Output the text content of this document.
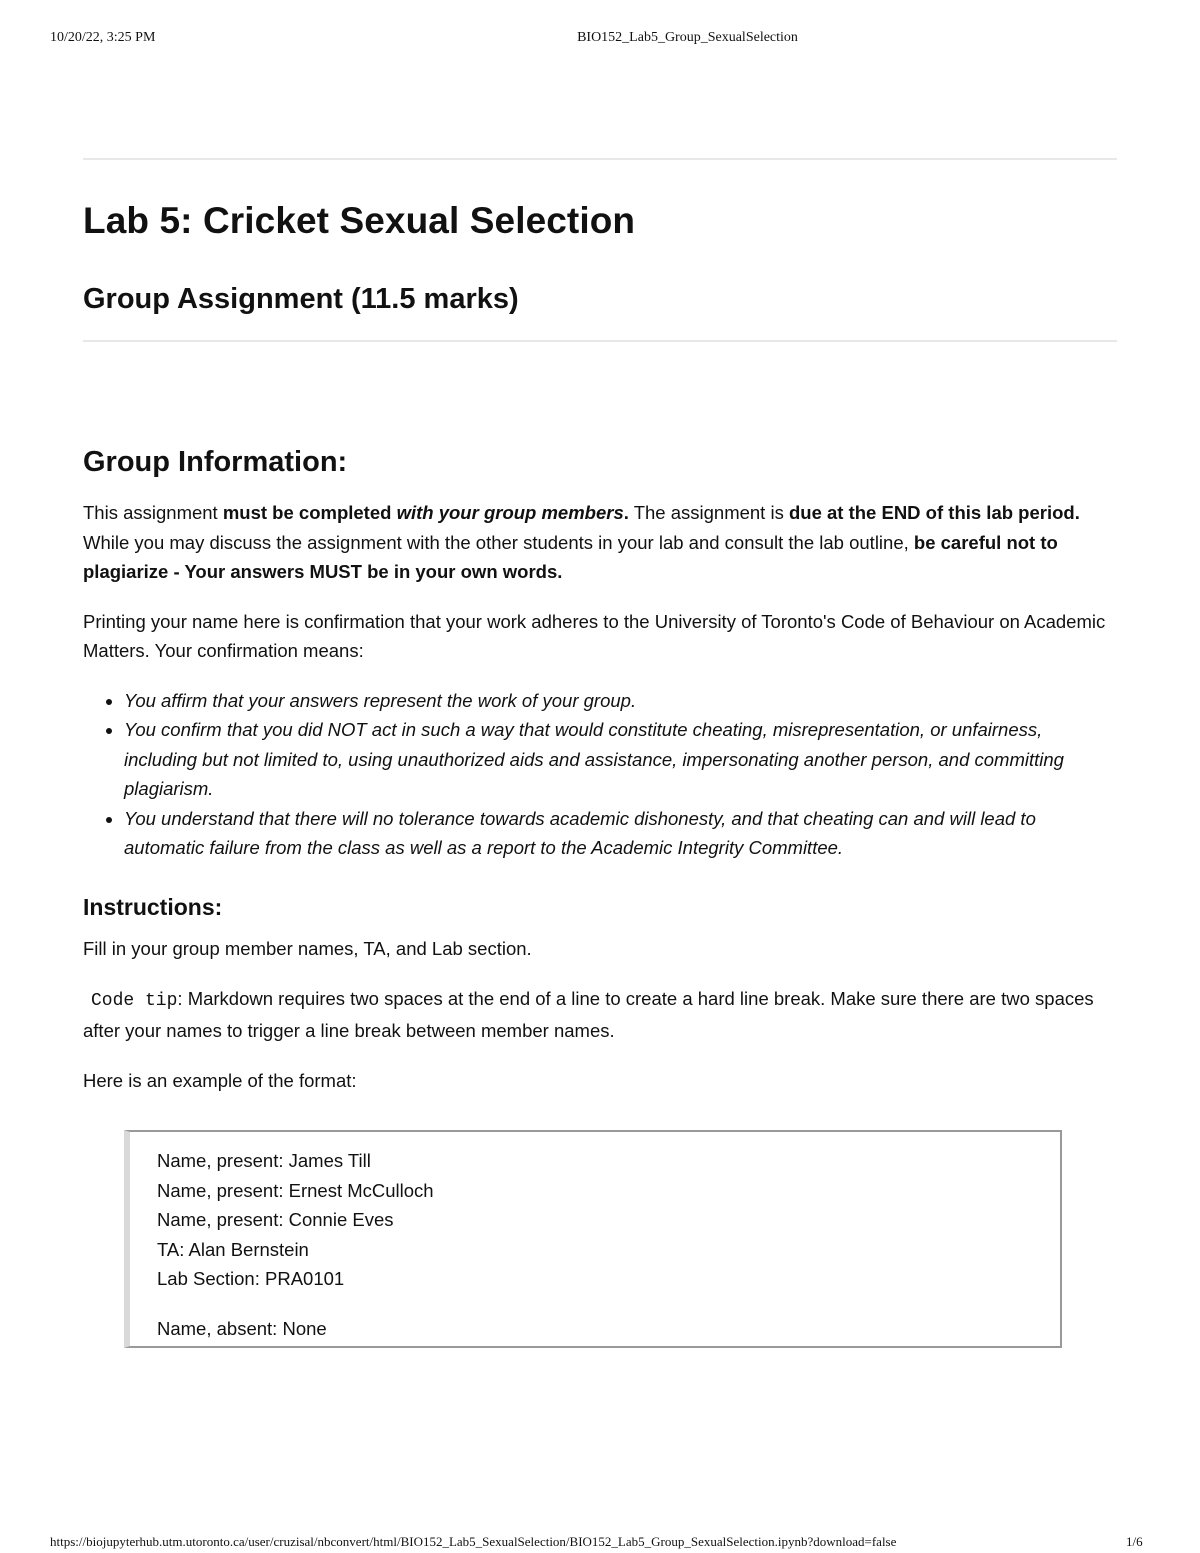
10/20/22, 3:25 PM	BIO152_Lab5_Group_SexualSelection
Lab 5: Cricket Sexual Selection
Group Assignment (11.5 marks)
Group Information:

This assignment must be completed with your group members. The assignment is due at the END of this lab period. While you may discuss the assignment with the other students in your lab and consult the lab outline, be careful not to plagiarize - Your answers MUST be in your own words.

Printing your name here is confirmation that your work adheres to the University of Toronto's Code of Behaviour on Academic Matters. Your confirmation means:

• You affirm that your answers represent the work of your group.
• You confirm that you did NOT act in such a way that would constitute cheating, misrepresentation, or unfairness, including but not limited to, using unauthorized aids and assistance, impersonating another person, and committing plagiarism.
• You understand that there will no tolerance towards academic dishonesty, and that cheating can and will lead to automatic failure from the class as well as a report to the Academic Integrity Committee.
Instructions:

Fill in your group member names, TA, and Lab section.

Code tip: Markdown requires two spaces at the end of a line to create a hard line break. Make sure there are two spaces after your names to trigger a line break between member names.

Here is an example of the format:

Name, present: James Till
Name, present: Ernest McCulloch
Name, present: Connie Eves
TA: Alan Bernstein
Lab Section: PRA0101
Name, absent: None
https://biojupyterhub.utm.utoronto.ca/user/cruzisal/nbconvert/html/BIO152_Lab5_SexualSelection/BIO152_Lab5_Group_SexualSelection.ipynb?download=false	1/6
